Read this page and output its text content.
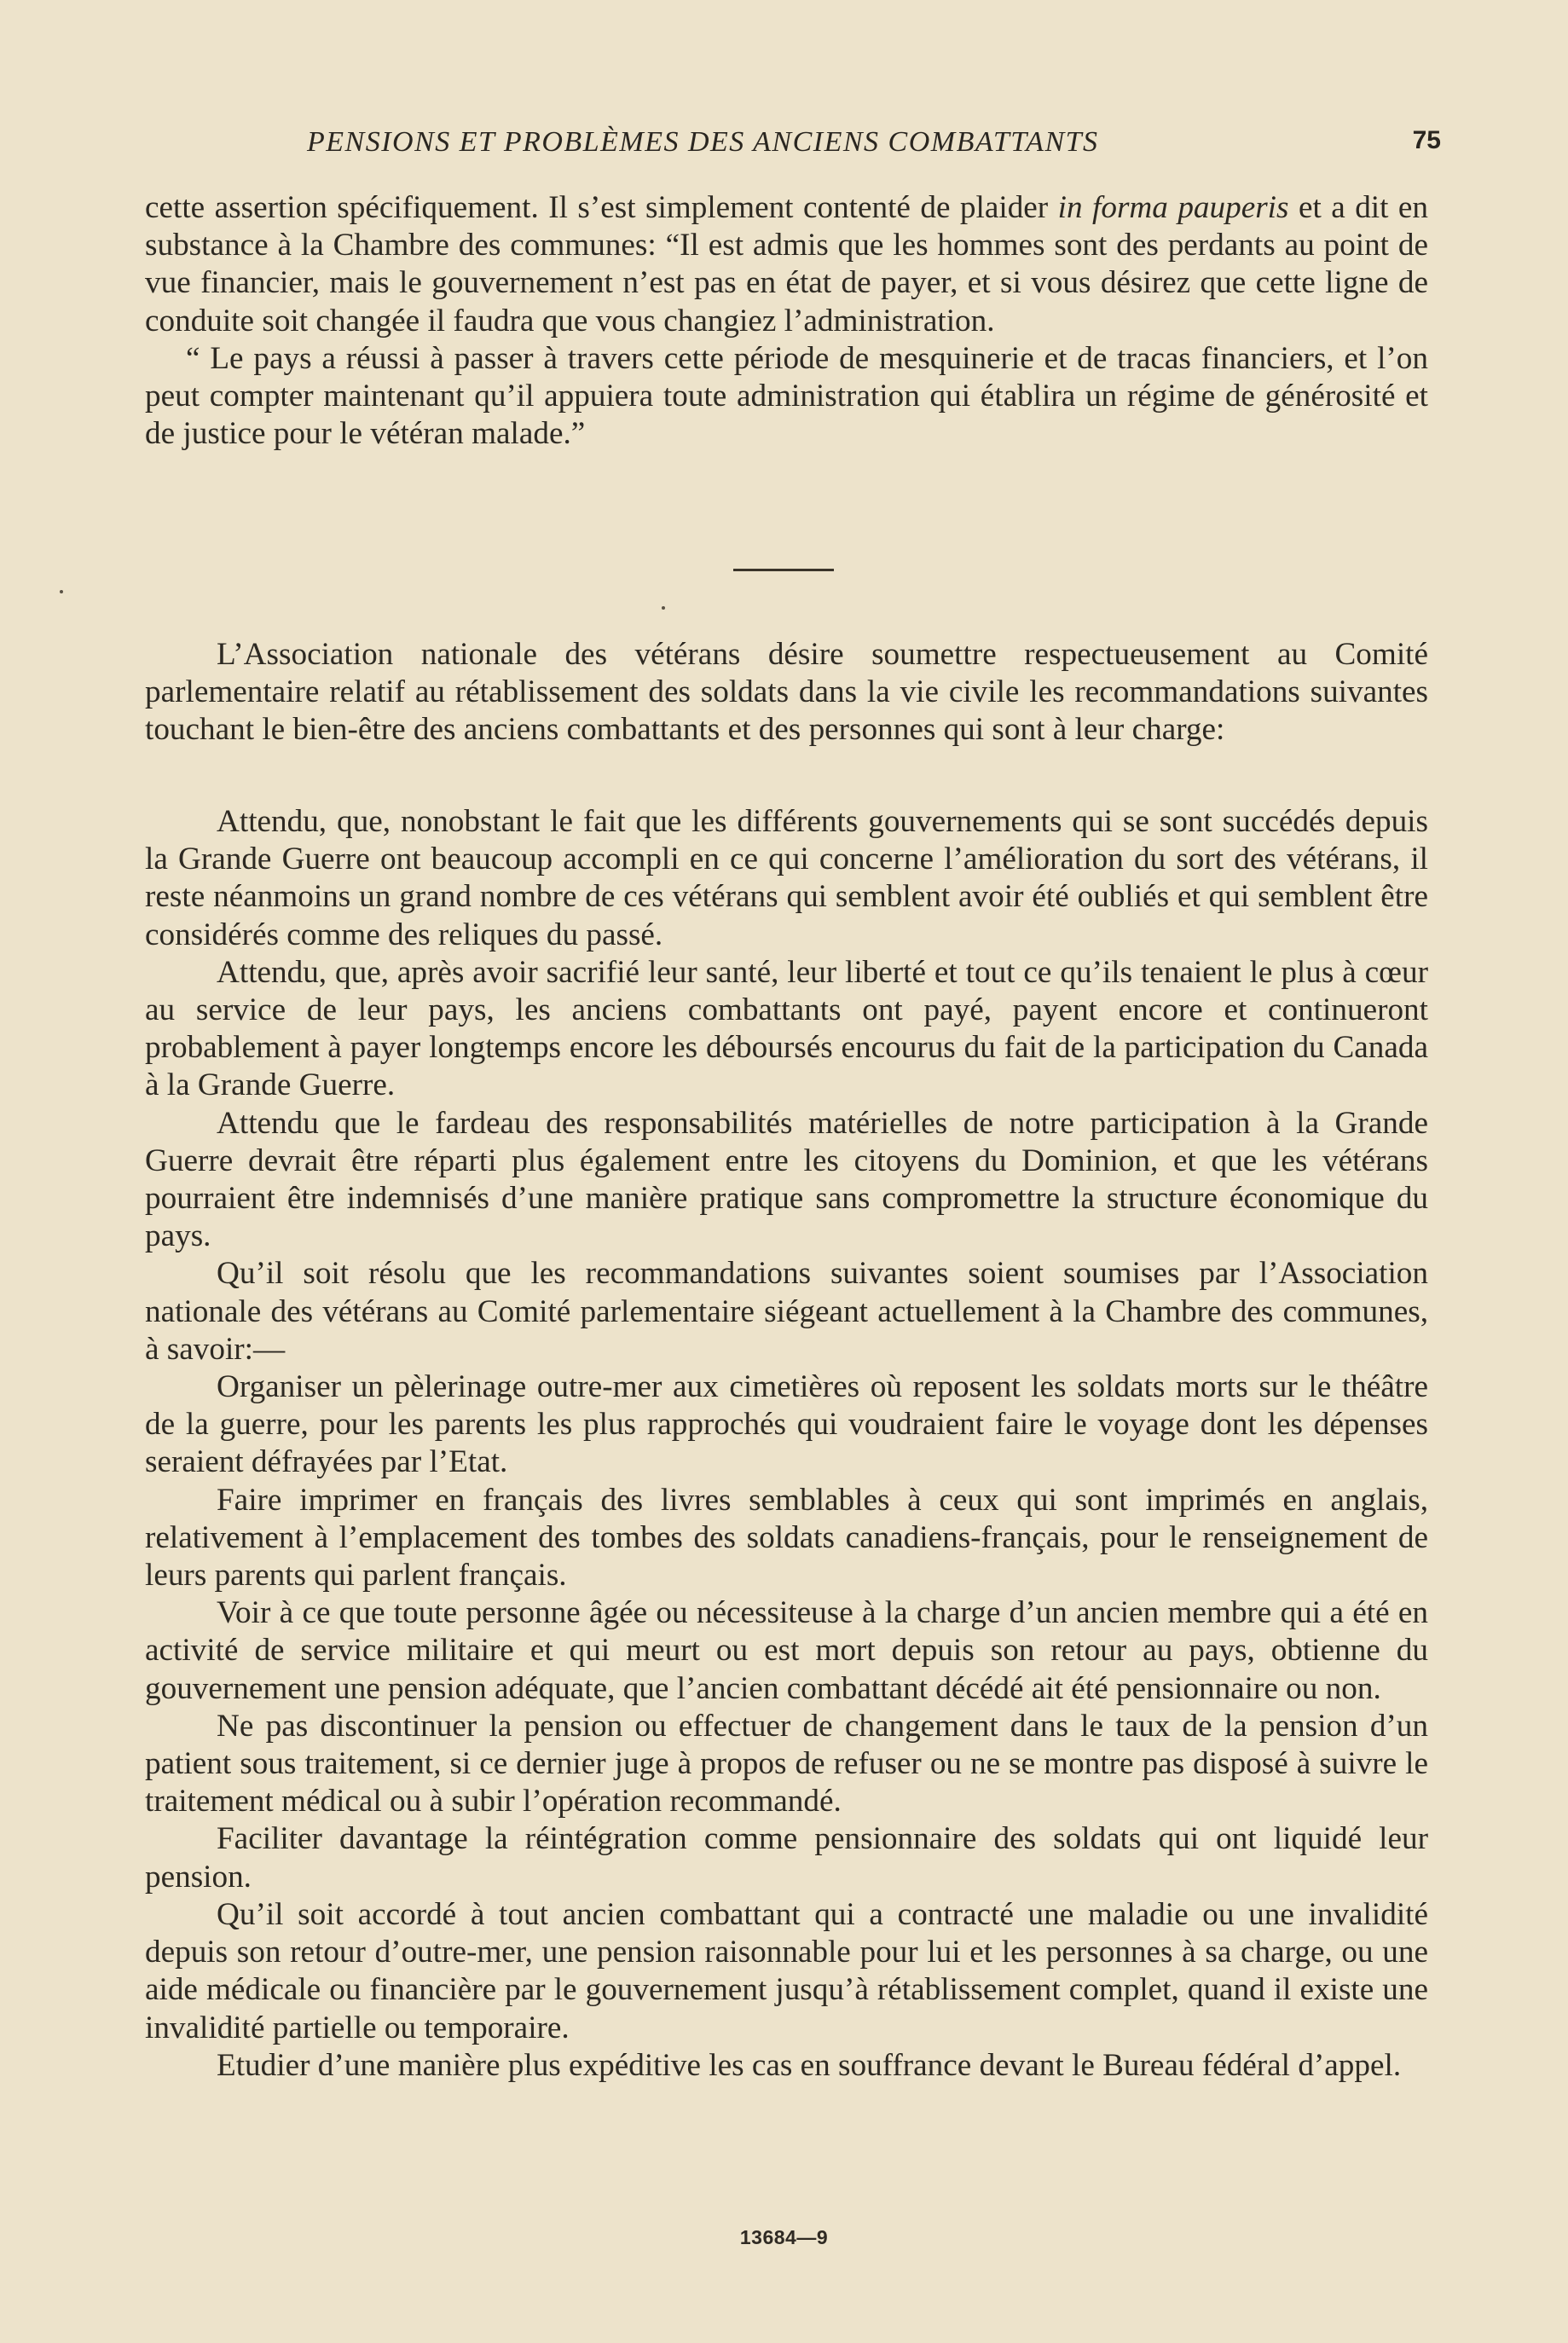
PENSIONS ET PROBLÈMES DES ANCIENS COMBATTANTS	75

cette assertion spécifiquement. Il s’est simplement contenté de plaider in forma pauperis et a dit en substance à la Chambre des communes: “Il est admis que les hommes sont des perdants au point de vue financier, mais le gouvernement n’est pas en état de payer, et si vous désirez que cette ligne de conduite soit changée il faudra que vous changiez l’administration.

“ Le pays a réussi à passer à travers cette période de mesquinerie et de tracas financiers, et l’on peut compter maintenant qu’il appuiera toute administration qui établira un régime de générosité et de justice pour le vétéran malade.”

L’Association nationale des vétérans désire soumettre respectueusement au Comité parlementaire relatif au rétablissement des soldats dans la vie civile les recommandations suivantes touchant le bien-être des anciens combattants et des personnes qui sont à leur charge:

Attendu, que, nonobstant le fait que les différents gouvernements qui se sont succédés depuis la Grande Guerre ont beaucoup accompli en ce qui concerne l’amélioration du sort des vétérans, il reste néanmoins un grand nombre de ces vétérans qui semblent avoir été oubliés et qui semblent être considérés comme des reliques du passé.

Attendu, que, après avoir sacrifié leur santé, leur liberté et tout ce qu’ils tenaient le plus à cœur au service de leur pays, les anciens combattants ont payé, payent encore et continueront probablement à payer longtemps encore les déboursés encourus du fait de la participation du Canada à la Grande Guerre.

Attendu que le fardeau des responsabilités matérielles de notre participation à la Grande Guerre devrait être réparti plus également entre les citoyens du Dominion, et que les vétérans pourraient être indemnisés d’une manière pratique sans compromettre la structure économique du pays.

Qu’il soit résolu que les recommandations suivantes soient soumises par l’Association nationale des vétérans au Comité parlementaire siégeant actuellement à la Chambre des communes, à savoir:—

Organiser un pèlerinage outre-mer aux cimetières où reposent les soldats morts sur le théâtre de la guerre, pour les parents les plus rapprochés qui voudraient faire le voyage dont les dépenses seraient défrayées par l’Etat.

Faire imprimer en français des livres semblables à ceux qui sont imprimés en anglais, relativement à l’emplacement des tombes des soldats canadiens-français, pour le renseignement de leurs parents qui parlent français.

Voir à ce que toute personne âgée ou nécessiteuse à la charge d’un ancien membre qui a été en activité de service militaire et qui meurt ou est mort depuis son retour au pays, obtienne du gouvernement une pension adéquate, que l’ancien combattant décédé ait été pensionnaire ou non.

Ne pas discontinuer la pension ou effectuer de changement dans le taux de la pension d’un patient sous traitement, si ce dernier juge à propos de refuser ou ne se montre pas disposé à suivre le traitement médical ou à subir l’opération recommandé.

Faciliter davantage la réintégration comme pensionnaire des soldats qui ont liquidé leur pension.

Qu’il soit accordé à tout ancien combattant qui a contracté une maladie ou une invalidité depuis son retour d’outre-mer, une pension raisonnable pour lui et les personnes à sa charge, ou une aide médicale ou financière par le gouvernement jusqu’à rétablissement complet, quand il existe une invalidité partielle ou temporaire.

Etudier d’une manière plus expéditive les cas en souffrance devant le Bureau fédéral d’appel.

13684—9
